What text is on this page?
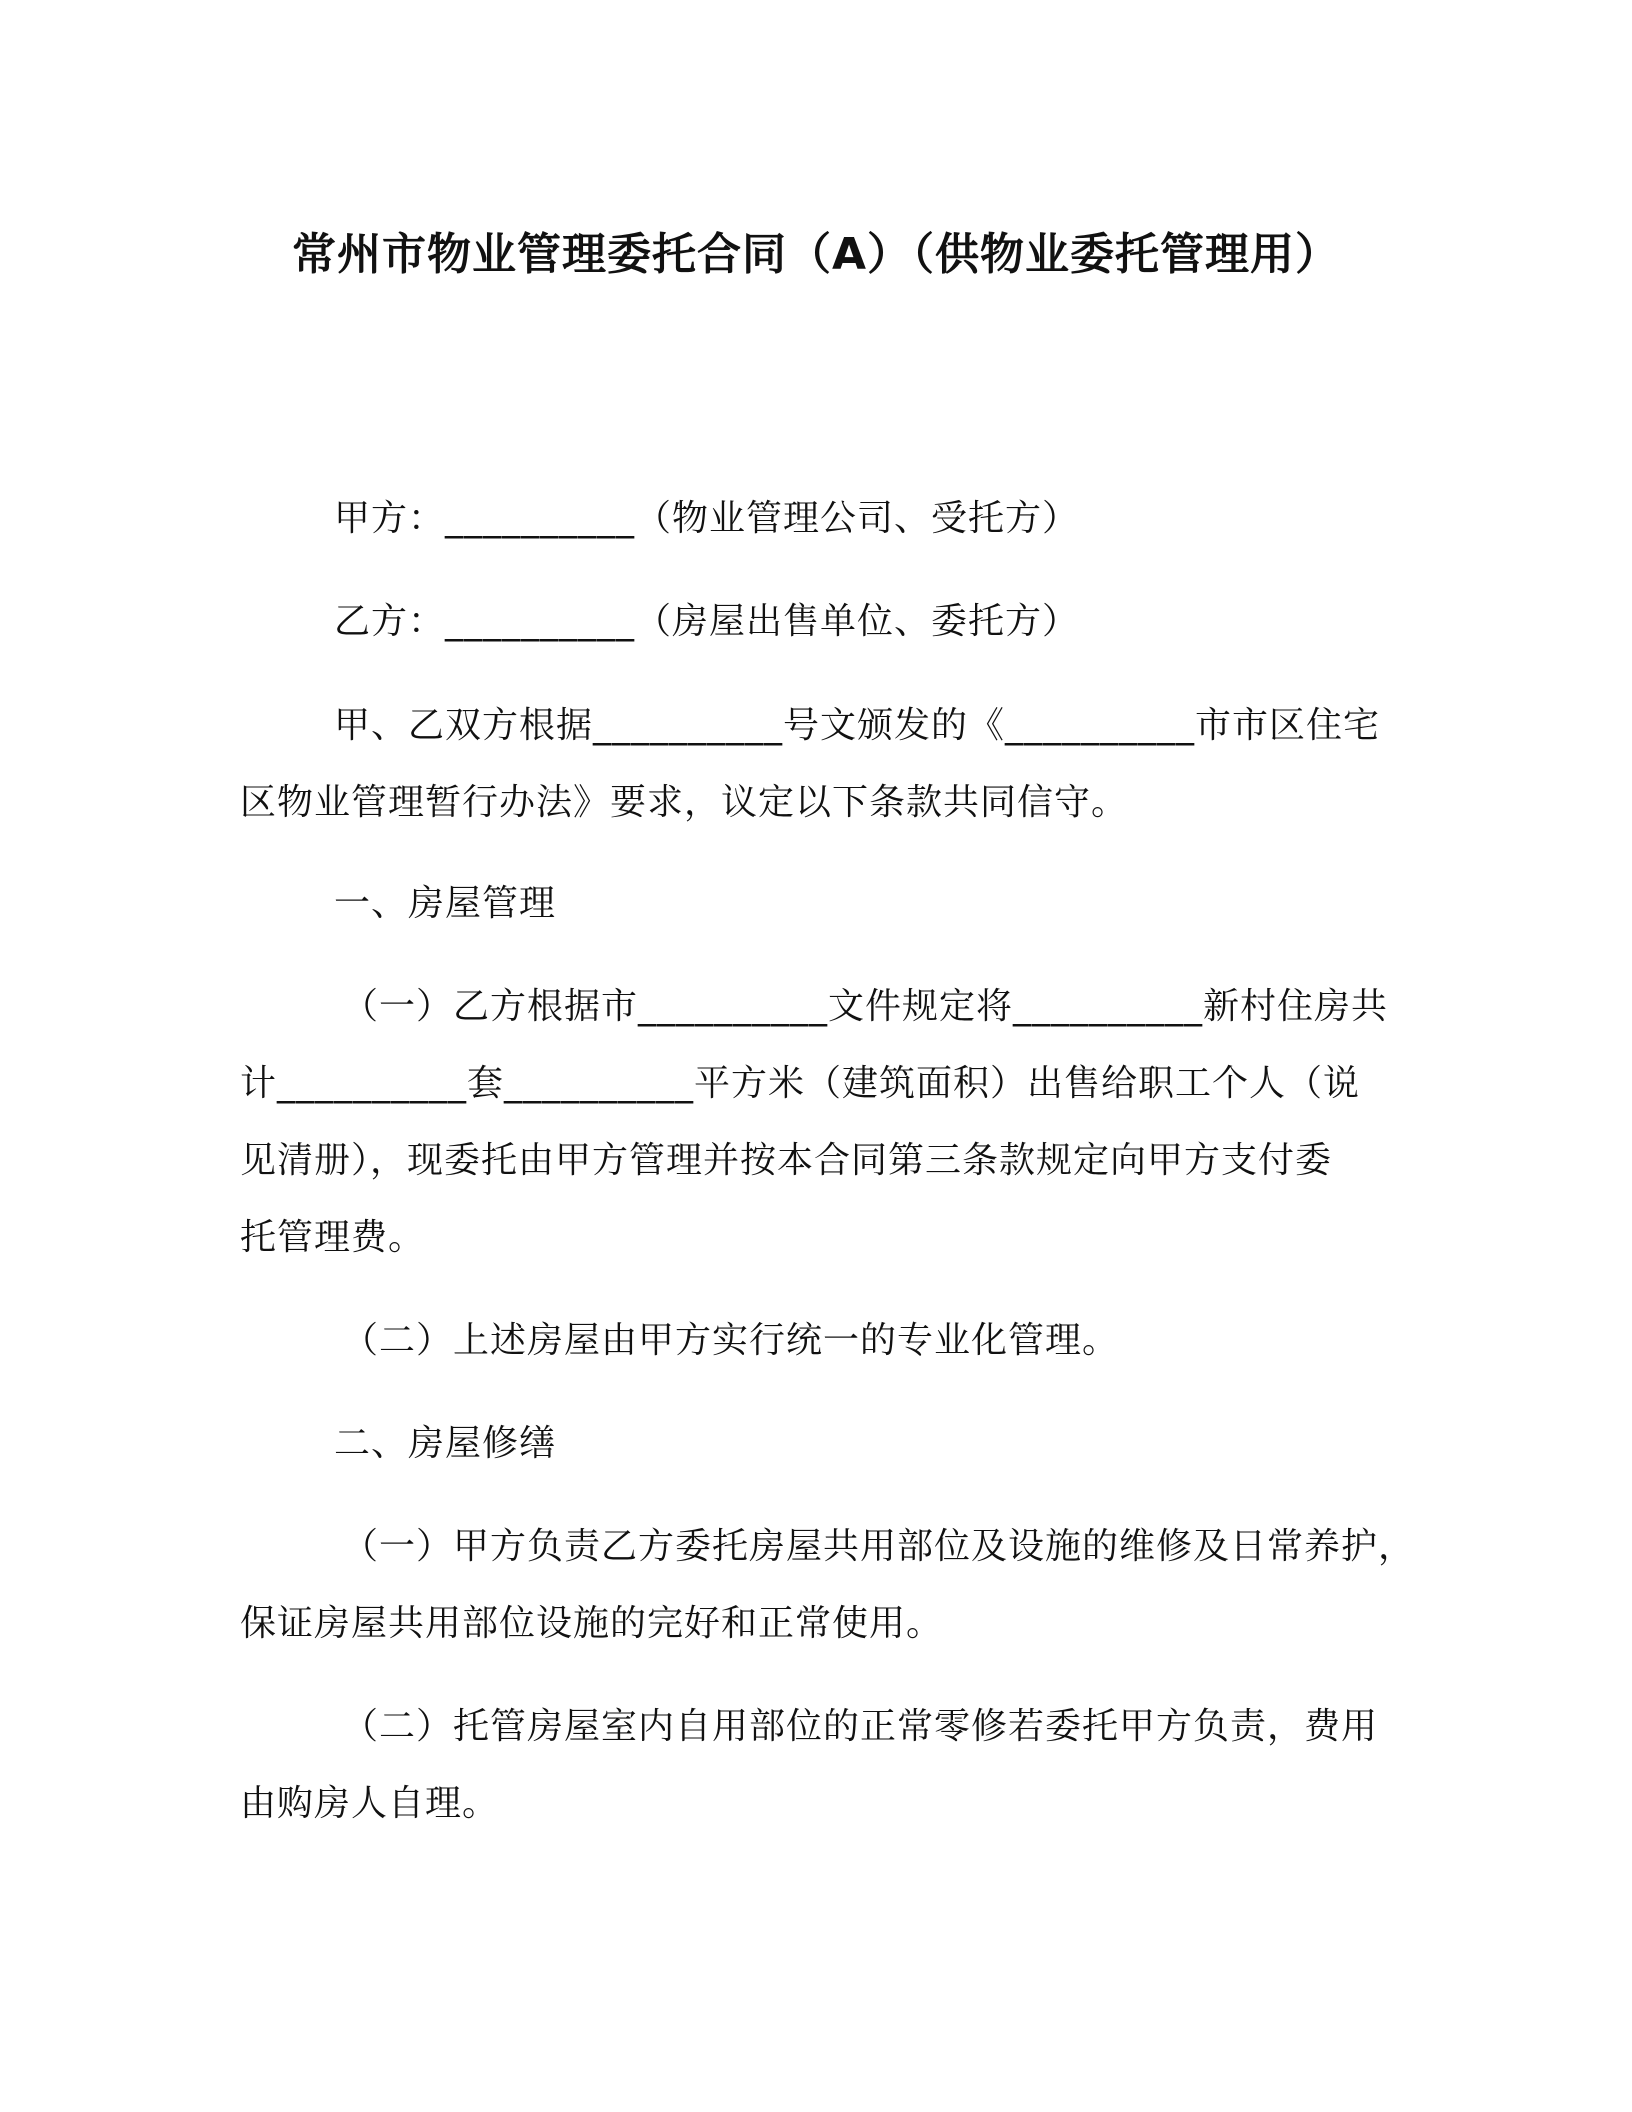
常州市物业管理委托合同（A）（供物业委托管理用）
甲方：__________（物业管理公司、受托方）
乙方：__________（房屋出售单位、委托方）
甲、乙双方根据__________号文颁发的《__________市市区住宅
区物业管理暂行办法》要求，议定以下条款共同信守。
一、房屋管理
（一）乙方根据市__________文件规定将__________新村住房共
计__________套__________平方米（建筑面积）出售给职工个人（说
见清册），现委托由甲方管理并按本合同第三条款规定向甲方支付委
托管理费。
（二）上述房屋由甲方实行统一的专业化管理。
二、房屋修缮
（一）甲方负责乙方委托房屋共用部位及设施的维修及日常养护，
保证房屋共用部位设施的完好和正常使用。
（二）托管房屋室内自用部位的正常零修若委托甲方负责，费用
由购房人自理。
